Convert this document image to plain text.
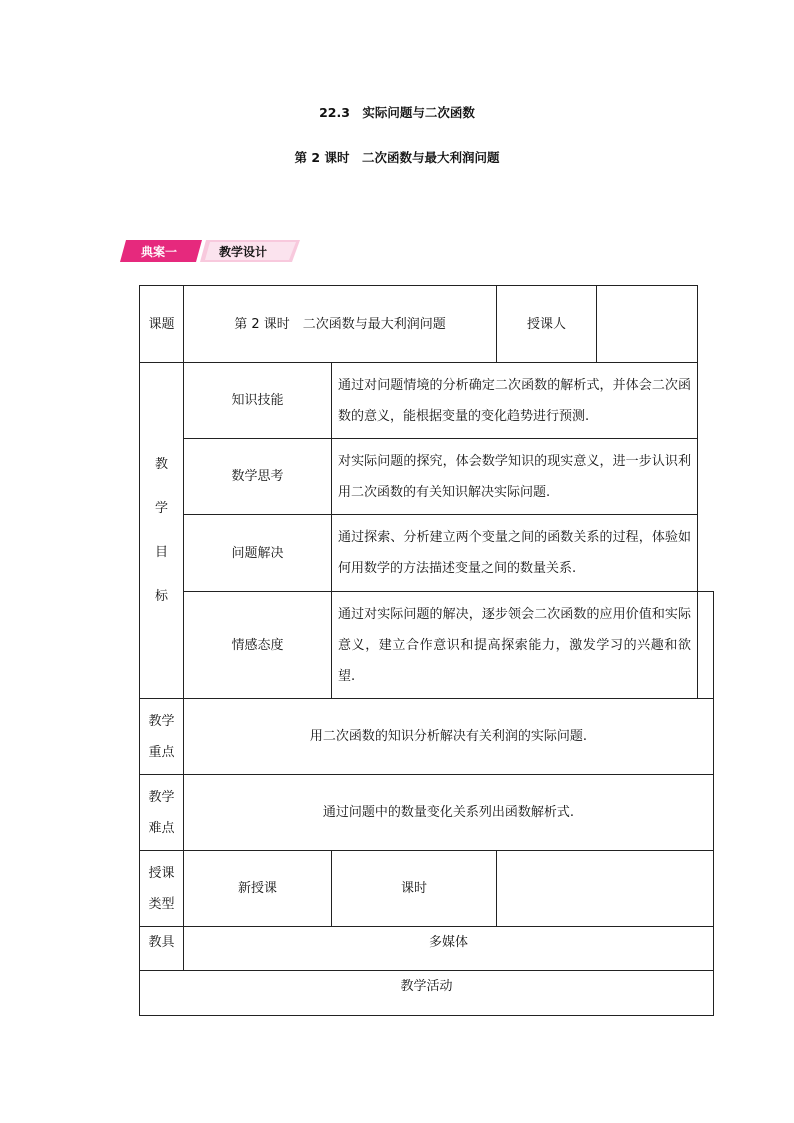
22.3　实际问题与二次函数
第 2 课时　二次函数与最大利润问题
典案一	教学设计
课题	第 2 课时　二次函数与最大利润问题		授课人		
教学目标	知识技能	通过对问题情境的分析确定二次函数的解析式，并体会二次函数的意义，能根据变量的变化趋势进行预测.			
	数学思考	对实际问题的探究，体会数学知识的现实意义，进一步认识利用二次函数的有关知识解决实际问题.			
	问题解决	通过探索、分析建立两个变量之间的函数关系的过程，体验如何用数学的方法描述变量之间的数量关系.			
	情感态度	通过对实际问题的解决，逐步领会二次函数的应用价值和实际意义，建立合作意识和提高探索能力，激发学习的兴趣和欲望.			
教学重点	用二次函数的知识分析解决有关利润的实际问题.				
教学难点	通过问题中的数量变化关系列出函数解析式.				
授课类型	新授课	课时			
教具	多媒体				
教学活动					
